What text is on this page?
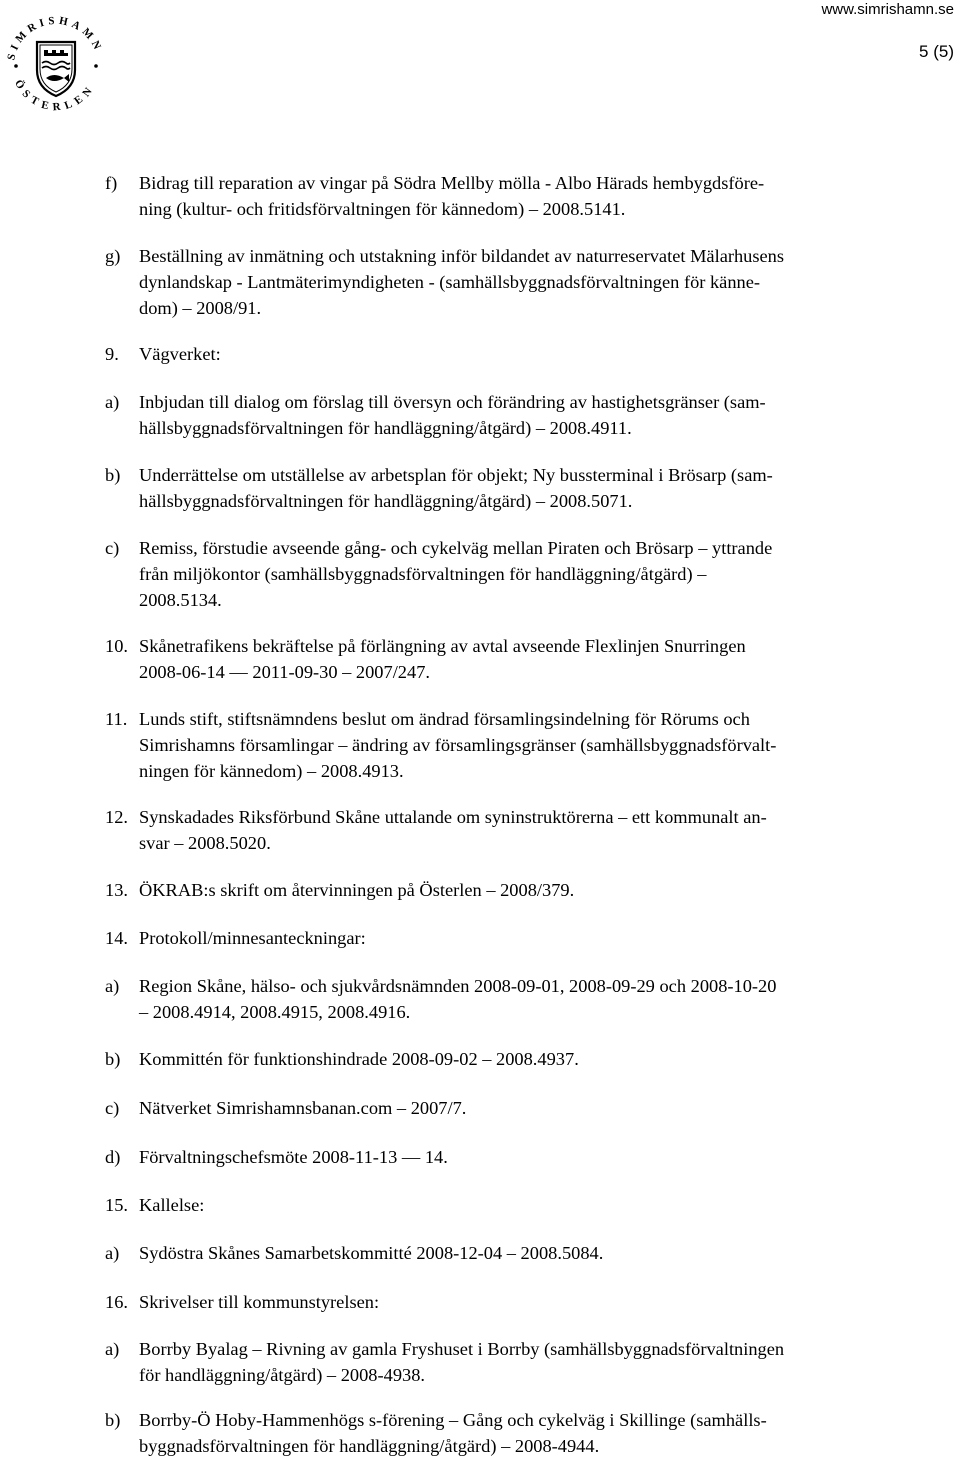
SIMRISHAMN
ÖSTERLEN
www.simrishamn.se
5 (5)
f) Bidrag till reparation av vingar på Södra Mellby mölla - Albo Härads hembygdsföre-
ning (kultur- och fritidsförvaltningen för kännedom) – 2008.5141.
g) Beställning av inmätning och utstakning inför bildandet av naturreservatet Mälarhusens
dynlandskap - Lantmäterimyndigheten - (samhällsbyggnadsförvaltningen för känne-
dom) – 2008/91.
9. Vägverket:
a) Inbjudan till dialog om förslag till översyn och förändring av hastighetsgränser (sam-
hällsbyggnadsförvaltningen för handläggning/åtgärd) – 2008.4911.
b) Underrättelse om utställelse av arbetsplan för objekt; Ny bussterminal i Brösarp (sam-
hällsbyggnadsförvaltningen för handläggning/åtgärd) – 2008.5071.
c) Remiss, förstudie avseende gång- och cykelväg mellan Piraten och Brösarp – yttrande
från miljökontor (samhällsbyggnadsförvaltningen för handläggning/åtgärd) –
2008.5134.
10. Skånetrafikens bekräftelse på förlängning av avtal avseende Flexlinjen Snurringen
2008-06-14 — 2011-09-30 – 2007/247.
11. Lunds stift, stiftsnämndens beslut om ändrad församlingsindelning för Rörums och
Simrishamns församlingar – ändring av församlingsgränser (samhällsbyggnadsförvalt-
ningen för kännedom) – 2008.4913.
12. Synskadades Riksförbund Skåne uttalande om syninstruktörerna – ett kommunalt an-
svar – 2008.5020.
13. ÖKRAB:s skrift om återvinningen på Österlen – 2008/379.
14. Protokoll/minnesanteckningar:
a) Region Skåne, hälso- och sjukvårdsnämnden 2008-09-01, 2008-09-29 och 2008-10-20
– 2008.4914, 2008.4915, 2008.4916.
b) Kommittén för funktionshindrade 2008-09-02 – 2008.4937.
c) Nätverket Simrishamnsbanan.com – 2007/7.
d) Förvaltningschefsmöte 2008-11-13 — 14.
15. Kallelse:
a) Sydöstra Skånes Samarbetskommitté 2008-12-04 – 2008.5084.
16. Skrivelser till kommunstyrelsen:
a) Borrby Byalag – Rivning av gamla Fryshuset i Borrby (samhällsbyggnadsförvaltningen
för handläggning/åtgärd) – 2008-4938.
b) Borrby-Ö Hoby-Hammenhögs s-förening – Gång och cykelväg i Skillinge (samhälls-
byggnadsförvaltningen för handläggning/åtgärd) – 2008-4944.
